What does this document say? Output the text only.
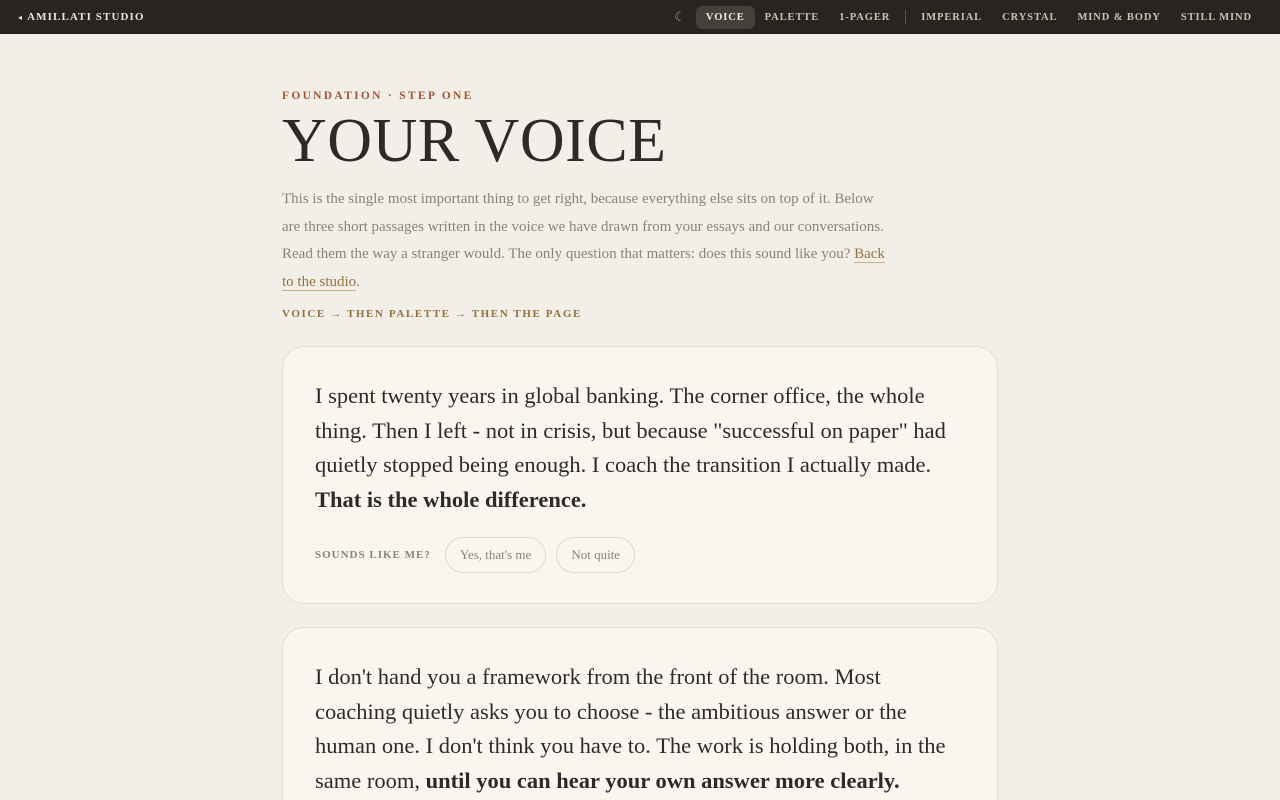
◂ AMILLATI STUDIO	☾	VOICE	PALETTE	1-PAGER	IMPERIAL	CRYSTAL	MIND & BODY	STILL MIND
FOUNDATION · STEP ONE
YOUR VOICE

This is the single most important thing to get right, because everything else sits on top of it. Below are three short passages written in the voice we have drawn from your essays and our conversations. Read them the way a stranger would. The only question that matters: does this sound like you? Back to the studio.

VOICE → THEN PALETTE → THEN THE PAGE

I spent twenty years in global banking. The corner office, the whole thing. Then I left - not in crisis, but because "successful on paper" had quietly stopped being enough. I coach the transition I actually made. That is the whole difference.

SOUNDS LIKE ME?	Yes, that's me	Not quite

I don't hand you a framework from the front of the room. Most coaching quietly asks you to choose - the ambitious answer or the human one. I don't think you have to. The work is holding both, in the same room, until you can hear your own answer more clearly.
